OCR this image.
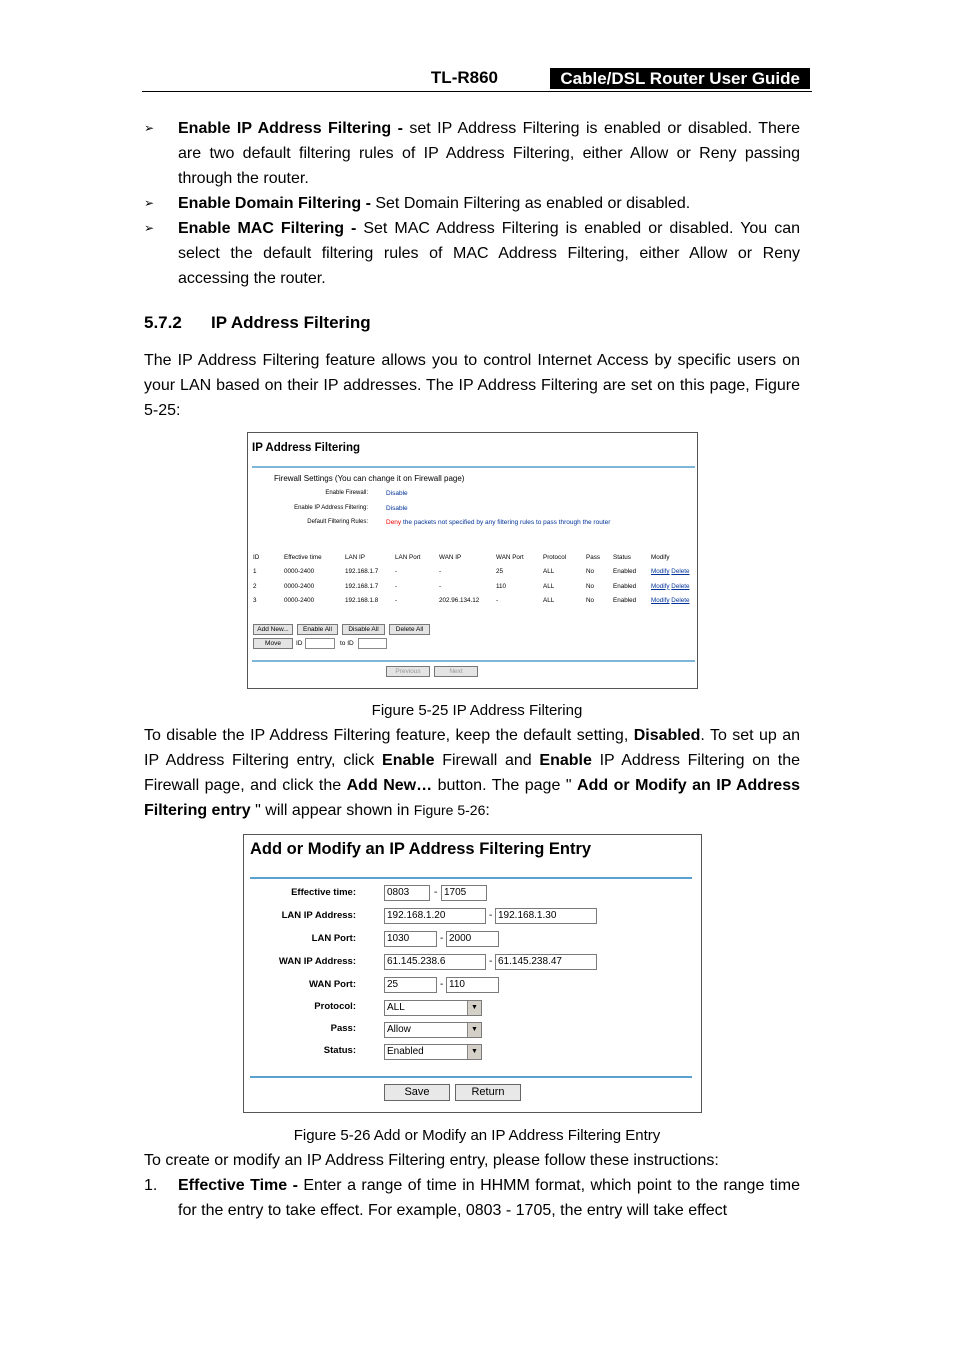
TL-R860	Cable/DSL Router User Guide
➢ Enable IP Address Filtering - set IP Address Filtering is enabled or disabled. There are two default filtering rules of IP Address Filtering, either Allow or Reny passing through the router.
➢ Enable Domain Filtering - Set Domain Filtering as enabled or disabled.
➢ Enable MAC Filtering - Set MAC Address Filtering is enabled or disabled. You can select the default filtering rules of MAC Address Filtering, either Allow or Reny accessing the router.
5.7.2 IP Address Filtering
The IP Address Filtering feature allows you to control Internet Access by specific users on your LAN based on their IP addresses. The IP Address Filtering are set on this page, Figure 5-25:
IP Address Filtering
Firewall Settings (You can change it on Firewall page)
Enable Firewall:	Disable
Enable IP Address Filtering:	Disable
Default Filtering Rules:	Deny the packets not specified by any filtering rules to pass through the router
ID	Effective time	LAN IP	LAN Port	WAN IP	WAN Port	Protocol	Pass	Status	Modify
1	0000-2400	192.168.1.7	-	-	25	ALL	No	Enabled	Modify Delete
2	0000-2400	192.168.1.7	-	-	110	ALL	No	Enabled	Modify Delete
3	0000-2400	192.168.1.8	-	202.96.134.12	-	ALL	No	Enabled	Modify Delete
Add New...	Enable All	Disable All	Delete All
Move	ID	to ID
Previous	Next
Figure 5-25 IP Address Filtering
To disable the IP Address Filtering feature, keep the default setting, Disabled. To set up an IP Address Filtering entry, click Enable Firewall and Enable IP Address Filtering on the Firewall page, and click the Add New… button. The page " Add or Modify an IP Address Filtering entry " will appear shown in Figure 5-26:
Add or Modify an IP Address Filtering Entry
Effective time:	0803	- 1705
LAN IP Address:	192.168.1.20	- 192.168.1.30
LAN Port:	1030	- 2000
WAN IP Address:	61.145.238.6	- 61.145.238.47
WAN Port:	25	- 110
Protocol:	ALL	▼
Pass:	Allow	▼
Status:	Enabled	▼
Save	Return
Figure 5-26 Add or Modify an IP Address Filtering Entry
To create or modify an IP Address Filtering entry, please follow these instructions:
1. Effective Time - Enter a range of time in HHMM format, which point to the range time for the entry to take effect. For example, 0803 - 1705, the entry will take effect
